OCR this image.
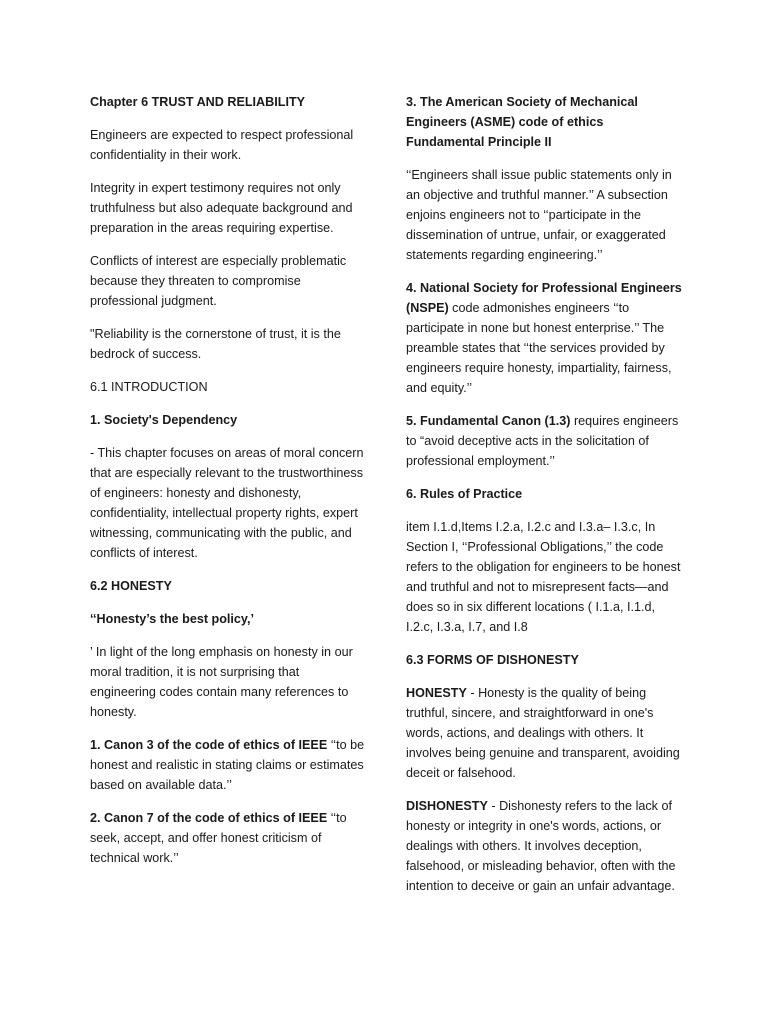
Chapter 6 TRUST AND RELIABILITY

Engineers are expected to respect professional confidentiality in their work.

Integrity in expert testimony requires not only truthfulness but also adequate background and preparation in the areas requiring expertise.

Conflicts of interest are especially problematic because they threaten to compromise professional judgment.

"Reliability is the cornerstone of trust, it is the bedrock of success.

6.1 INTRODUCTION

1. Society's Dependency

- This chapter focuses on areas of moral concern that are especially relevant to the trustworthiness of engineers: honesty and dishonesty, confidentiality, intellectual property rights, expert witnessing, communicating with the public, and conflicts of interest.

6.2 HONESTY

‘‘Honesty’s the best policy,’

’ In light of the long emphasis on honesty in our moral tradition, it is not surprising that engineering codes contain many references to honesty.

1. Canon 3 of the code of ethics of IEEE ‘‘to be honest and realistic in stating claims or estimates based on available data.’’

2. Canon 7 of the code of ethics of IEEE ‘‘to seek, accept, and offer honest criticism of technical work.’’

3. The American Society of Mechanical Engineers (ASME) code of ethics Fundamental Principle II

‘‘Engineers shall issue public statements only in an objective and truthful manner.’’ A subsection enjoins engineers not to ‘‘participate in the dissemination of untrue, unfair, or exaggerated statements regarding engineering.’’

4. National Society for Professional Engineers (NSPE) code admonishes engineers ‘‘to participate in none but honest enterprise.’’ The preamble states that ‘‘the services provided by engineers require honesty, impartiality, fairness, and equity.’’

5. Fundamental Canon (1.3) requires engineers to “avoid deceptive acts in the solicitation of professional employment.’’

6. Rules of Practice

item I.1.d,Items I.2.a, I.2.c and I.3.a– I.3.c, In Section I, ‘‘Professional Obligations,’’ the code refers to the obligation for engineers to be honest and truthful and not to misrepresent facts—and does so in six different locations ( I.1.a, I.1.d, I.2.c, I.3.a, I.7, and I.8

6.3 FORMS OF DISHONESTY

HONESTY - Honesty is the quality of being truthful, sincere, and straightforward in one's words, actions, and dealings with others. It involves being genuine and transparent, avoiding deceit or falsehood.

DISHONESTY - Dishonesty refers to the lack of honesty or integrity in one's words, actions, or dealings with others. It involves deception, falsehood, or misleading behavior, often with the intention to deceive or gain an unfair advantage.
